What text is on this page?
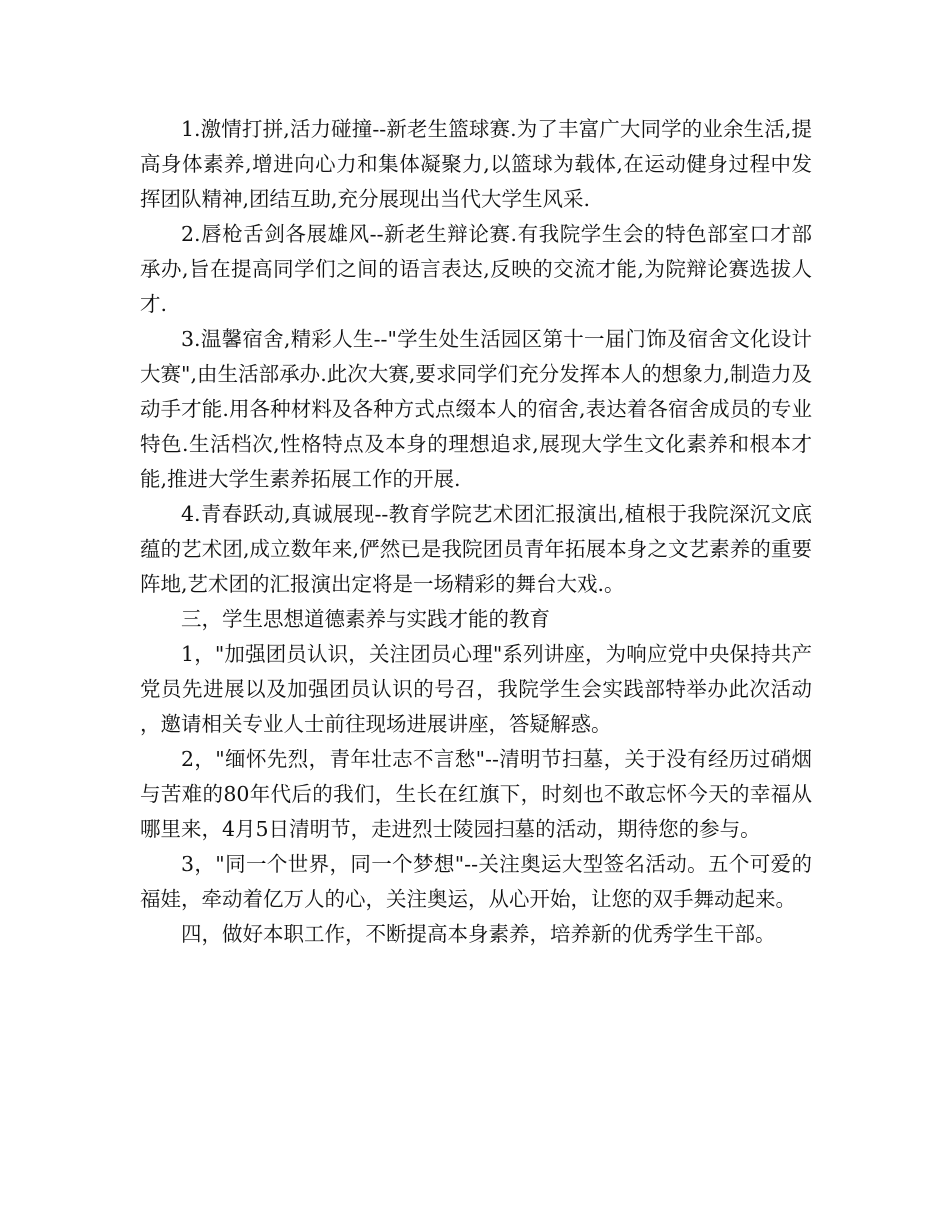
1.激情打拼,活力碰撞--新老生篮球赛.为了丰富广大同学的业余生活,提高身体素养,增进向心力和集体凝聚力,以篮球为载体,在运动健身过程中发挥团队精神,团结互助,充分展现出当代大学生风采.

2.唇枪舌剑各展雄风--新老生辩论赛.有我院学生会的特色部室口才部承办,旨在提高同学们之间的语言表达,反映的交流才能,为院辩论赛选拔人才.

3.温馨宿舍,精彩人生--"学生处生活园区第十一届门饰及宿舍文化设计大赛",由生活部承办.此次大赛,要求同学们充分发挥本人的想象力,制造力及动手才能.用各种材料及各种方式点缀本人的宿舍,表达着各宿舍成员的专业特色.生活档次,性格特点及本身的理想追求,展现大学生文化素养和根本才能,推进大学生素养拓展工作的开展.

4.青春跃动,真诚展现--教育学院艺术团汇报演出,植根于我院深沉文底蕴的艺术团,成立数年来,俨然已是我院团员青年拓展本身之文艺素养的重要阵地,艺术团的汇报演出定将是一场精彩的舞台大戏.。

三，学生思想道德素养与实践才能的教育

1，"加强团员认识，关注团员心理"系列讲座，为响应党中央保持共产党员先进展以及加强团员认识的号召，我院学生会实践部特举办此次活动，邀请相关专业人士前往现场进展讲座，答疑解惑。

2，"缅怀先烈，青年壮志不言愁"--清明节扫墓，关于没有经历过硝烟与苦难的80年代后的我们，生长在红旗下，时刻也不敢忘怀今天的幸福从哪里来，4月5日清明节，走进烈士陵园扫墓的活动，期待您的参与。

3，"同一个世界，同一个梦想"--关注奥运大型签名活动。五个可爱的福娃，牵动着亿万人的心，关注奥运，从心开始，让您的双手舞动起来。

四，做好本职工作，不断提高本身素养，培养新的优秀学生干部。
